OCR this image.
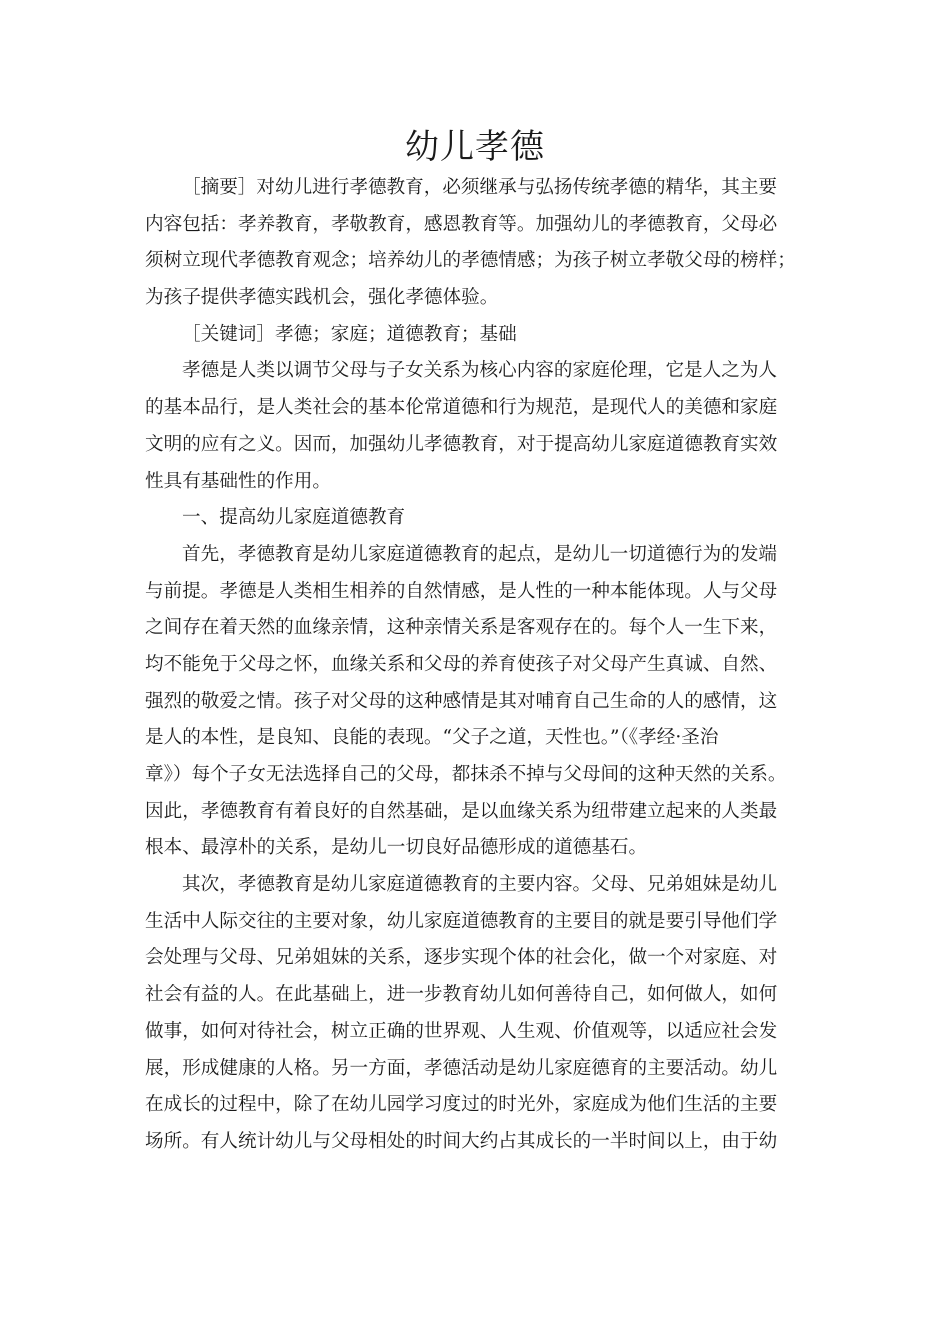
幼儿孝德
［摘要］对幼儿进行孝德教育，必须继承与弘扬传统孝德的精华，其主要
内容包括：孝养教育，孝敬教育，感恩教育等。加强幼儿的孝德教育，父母必
须树立现代孝德教育观念；培养幼儿的孝德情感；为孩子树立孝敬父母的榜样；
为孩子提供孝德实践机会，强化孝德体验。
［关键词］孝德；家庭；道德教育；基础
孝德是人类以调节父母与子女关系为核心内容的家庭伦理，它是人之为人
的基本品行，是人类社会的基本伦常道德和行为规范，是现代人的美德和家庭
文明的应有之义。因而，加强幼儿孝德教育，对于提高幼儿家庭道德教育实效
性具有基础性的作用。
一、提高幼儿家庭道德教育
首先，孝德教育是幼儿家庭道德教育的起点，是幼儿一切道德行为的发端
与前提。孝德是人类相生相养的自然情感，是人性的一种本能体现。人与父母
之间存在着天然的血缘亲情，这种亲情关系是客观存在的。每个人一生下来，
均不能免于父母之怀，血缘关系和父母的养育使孩子对父母产生真诚、自然、
强烈的敬爱之情。孩子对父母的这种感情是其对哺育自己生命的人的感情，这
是人的本性，是良知、良能的表现。“父子之道，天性也。”（《孝经·圣治
章》）每个子女无法选择自己的父母，都抹杀不掉与父母间的这种天然的关系。
因此，孝德教育有着良好的自然基础，是以血缘关系为纽带建立起来的人类最
根本、最淳朴的关系，是幼儿一切良好品德形成的道德基石。
其次，孝德教育是幼儿家庭道德教育的主要内容。父母、兄弟姐妹是幼儿
生活中人际交往的主要对象，幼儿家庭道德教育的主要目的就是要引导他们学
会处理与父母、兄弟姐妹的关系，逐步实现个体的社会化，做一个对家庭、对
社会有益的人。在此基础上，进一步教育幼儿如何善待自己，如何做人，如何
做事，如何对待社会，树立正确的世界观、人生观、价值观等，以适应社会发
展，形成健康的人格。另一方面，孝德活动是幼儿家庭德育的主要活动。幼儿
在成长的过程中，除了在幼儿园学习度过的时光外，家庭成为他们生活的主要
场所。有人统计幼儿与父母相处的时间大约占其成长的一半时间以上，由于幼
